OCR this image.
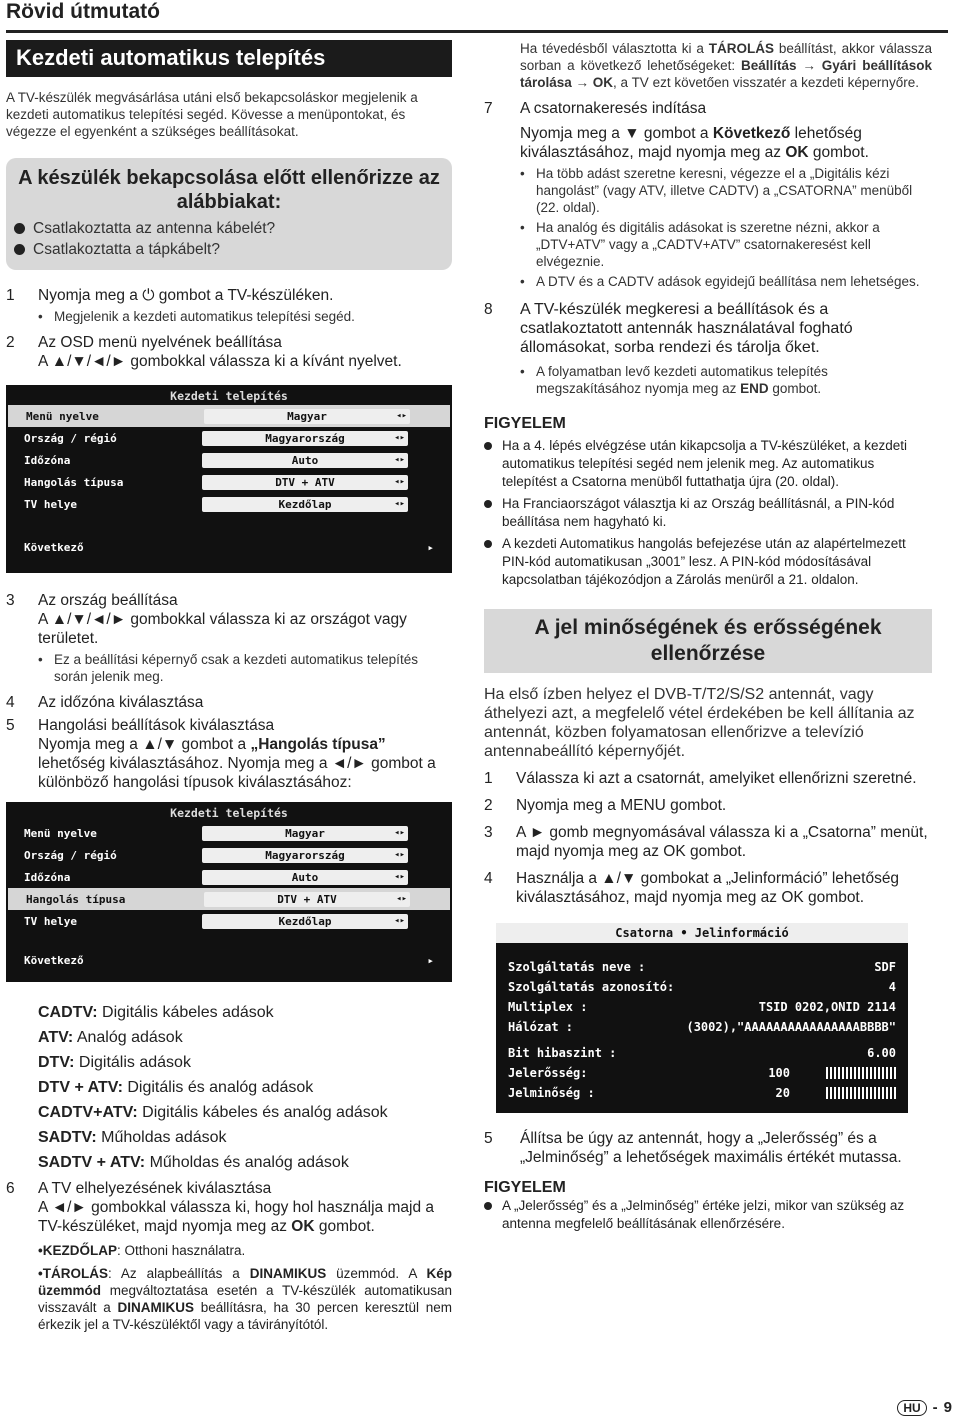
Rövid útmutató
Kezdeti automatikus telepítés

A TV-készülék megvásárlása utáni első bekapcsoláskor megjelenik a kezdeti automatikus telepítési segéd. Kövesse a menüpontokat, és végezze el egyenként a szükséges beállításokat.

A készülék bekapcsolása előtt ellenőrizze az alábbiakat:
Csatlakoztatta az antenna kábelét?
Csatlakoztatta a tápkábelt?
1	Nyomja meg a ⏻ gombot a TV-készüléken.
• Megjelenik a kezdeti automatikus telepítési segéd.
2	Az OSD menü nyelvének beállítása
A ▲/▼/◄/► gombokkal válassza ki a kívánt nyelvet.
Kezdeti telepítés
Menü nyelve	Magyar	◂▸
Ország / régió	Magyarország	◂▸
Időzóna	Auto	◂▸
Hangolás típusa	DTV + ATV	◂▸
TV helye	Kezdőlap	◂▸
Következő	▸
3	Az ország beállítása
A ▲/▼/◄/► gombokkal válassza ki az országot vagy területet.
• Ez a beállítási képernyő csak a kezdeti automatikus telepítés során jelenik meg.
4	Az időzóna kiválasztása
5	Hangolási beállítások kiválasztása
Nyomja meg a ▲/▼ gombot a „Hangolás típusa” lehetőség kiválasztásához. Nyomja meg a ◄/► gombot a különböző hangolási típusok kiválasztásához:
Kezdeti telepítés
Menü nyelve	Magyar	◂▸
Ország / régió	Magyarország	◂▸
Időzóna	Auto	◂▸
Hangolás típusa	DTV + ATV	◂▸
TV helye	Kezdőlap	◂▸
Következő	▸
CADTV: Digitális kábeles adások
ATV: Analóg adások
DTV: Digitális adások
DTV + ATV: Digitális és analóg adások
CADTV+ATV: Digitális kábeles és analóg adások
SADTV: Műholdas adások
SADTV + ATV: Műholdas és analóg adások
6	A TV elhelyezésének kiválasztása
A ◄/► gombokkal válassza ki, hogy hol használja majd a TV-készüléket, majd nyomja meg az OK gombot.
•KEZDŐLAP: Otthoni használatra.
•TÁROLÁS: Az alapbeállítás a DINAMIKUS üzemmód. A Kép üzemmód megváltoztatása esetén a TV-készülék automatikusan visszavált a DINAMIKUS beállításra, ha 30 percen keresztül nem érkezik jel a TV-készüléktől vagy a távirányítótól.

Ha tévedésből választotta ki a TÁROLÁS beállítást, akkor válassza sorban a következő lehetőségeket: Beállítás → Gyári beállítások tárolása → OK, a TV ezt követően visszatér a kezdeti képernyőre.

7	A csatornakeresés indítása
Nyomja meg a ▼ gombot a Következő lehetőség kiválasztásához, majd nyomja meg az OK gombot.
• Ha több adást szeretne keresni, végezze el a „Digitális kézi hangolást” (vagy ATV, illetve CADTV) a „CSATORNA” menüből (22. oldal).
• Ha analóg és digitális adásokat is szeretne nézni, akkor a „DTV+ATV” vagy a „CADTV+ATV” csatornakeresést kell elvégeznie.
• A DTV és a CADTV adások egyidejű beállítása nem lehetséges.
8	A TV-készülék megkeresi a beállítások és a csatlakoztatott antennák használatával fogható állomásokat, sorba rendezi és tárolja őket.
• A folyamatban levő kezdeti automatikus telepítés megszakításához nyomja meg az END gombot.
FIGYELEM
Ha a 4. lépés elvégzése után kikapcsolja a TV-készüléket, a kezdeti automatikus telepítési segéd nem jelenik meg. Az automatikus telepítést a Csatorna menüből futtathatja újra (20. oldal).
Ha Franciaországot választja ki az Ország beállításnál, a PIN-kód beállítása nem hagyható ki.
A kezdeti Automatikus hangolás befejezése után az alapértelmezett PIN-kód automatikusan „3001” lesz. A PIN-kód módosításával kapcsolatban tájékozódjon a Zárolás menüről a 21. oldalon.
A jel minőségének és erősségének ellenőrzése

Ha első ízben helyez el DVB-T/T2/S/S2 antennát, vagy áthelyezi azt, a megfelelő vétel érdekében be kell állítania az antennát, közben folyamatosan ellenőrizve a televízió antennabeállító képernyőjét.

1	Válassza ki azt a csatornát, amelyiket ellenőrizni szeretné.
2	Nyomja meg a MENU gombot.
3	A ► gomb megnyomásával válassza ki a „Csatorna” menüt, majd nyomja meg az OK gombot.
4	Használja a ▲/▼ gombokat a „Jelinformáció” lehetőség kiválasztásához, majd nyomja meg az OK gombot.
Csatorna • Jelinformáció
Szolgáltatás neve :	SDF
Szolgáltatás azonosító:	4
Multiplex :	TSID 0202,ONID 2114
Hálózat :	(3002),"AAAAAAAAAAAAAAAABBBB"
Bit hibaszint :	6.00
Jelerősség:	100
Jelminőség :	20
5	Állítsa be úgy az antennát, hogy a „Jelerősség” és a „Jelminőség” a lehetőségek maximális értékét mutassa.
FIGYELEM
A „Jelerősség” és a „Jelminőség” értéke jelzi, mikor van szükség az antenna megfelelő beállításának ellenőrzésére.
HU - 9
